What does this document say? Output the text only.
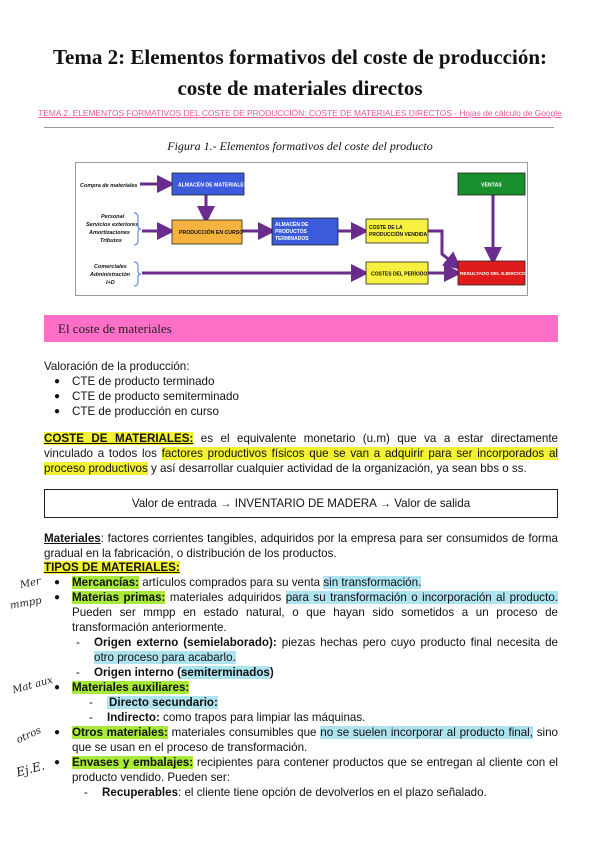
Tema 2: Elementos formativos del coste de producción:
coste de materiales directos
TEMA 2. ELEMENTOS FORMATIVOS DEL COSTE DE PRODUCCIÓN: COSTE DE MATERIALES DIRECTOS - Hojas de cálculo de Google
Figura 1.- Elementos formativos del coste del producto
Compra de materiales
Personal
Servicios exteriores
Amortizaciones
Tributos
Comerciales
Administración
I+D
ALMACÉN DE MATERIALES
PRODUCCIÓN EN CURSO
ALMACÉN DE
PRODUCTOS
TERMINADOS
COSTE DE LA
PRODUCCIÓN VENDIDA
VENTAS
COSTES DEL PERÍODO	RESULTADO DEL EJERCICIO
El coste de materiales
Valoración de la producción:
● CTE de producto terminado
● CTE de producto semiterminado
● CTE de producción en curso
COSTE DE MATERIALES: es el equivalente monetario (u.m) que va a estar directamente vinculado a todos los factores productivos físicos que se van a adquirir para ser incorporados al proceso productivos y así desarrollar cualquier actividad de la organización, ya sean bbs o ss.
Valor de entrada → INVENTARIO DE MADERA → Valor de salida
Materiales: factores corrientes tangibles, adquiridos por la empresa para ser consumidos de forma gradual en la fabricación, o distribución de los productos.
TIPOS DE MATERIALES:
● Mercancías: artículos comprados para su venta sin transformación.
● Materias primas: materiales adquiridos para su transformación o incorporación al producto. Pueden ser mmpp en estado natural, o que hayan sido sometidos a un proceso de transformación anteriormente.
- Origen externo (semielaborado): piezas hechas pero cuyo producto final necesita de otro proceso para acabarlo.
- Origen interno (semiterminados)
● Materiales auxiliares:
- Directo secundario:
- Indirecto: como trapos para limpiar las máquinas.
● Otros materiales: materiales consumibles que no se suelen incorporar al producto final, sino que se usan en el proceso de transformación.
● Envases y embalajes: recipientes para contener productos que se entregan al cliente con el producto vendido. Pueden ser:
- Recuperables: el cliente tiene opción de devolverlos en el plazo señalado.
Mer
mmpp
Mat aux
otros
Ej.E.
